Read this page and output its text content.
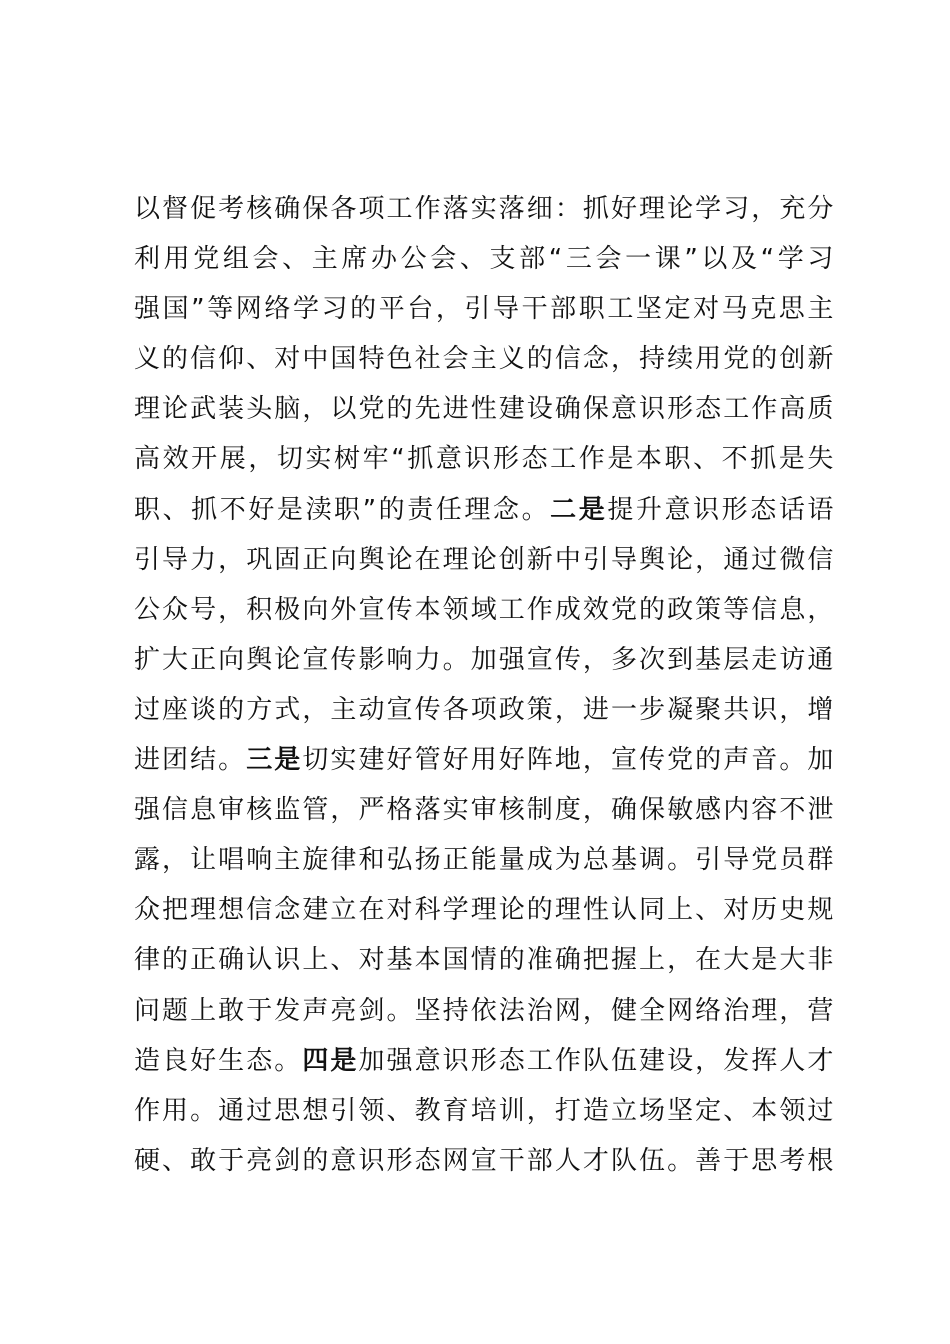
以督促考核确保各项工作落实落细：抓好理论学习，充分
利用党组会、主席办公会、支部“三会一课”以及“学习
强国”等网络学习的平台，引导干部职工坚定对马克思主
义的信仰、对中国特色社会主义的信念，持续用党的创新
理论武装头脑，以党的先进性建设确保意识形态工作高质
高效开展，切实树牢“抓意识形态工作是本职、不抓是失
职、抓不好是渎职”的责任理念。二是提升意识形态话语
引导力，巩固正向舆论在理论创新中引导舆论，通过微信
公众号，积极向外宣传本领域工作成效党的政策等信息，
扩大正向舆论宣传影响力。加强宣传，多次到基层走访通
过座谈的方式，主动宣传各项政策，进一步凝聚共识，增
进团结。三是切实建好管好用好阵地，宣传党的声音。加
强信息审核监管，严格落实审核制度，确保敏感内容不泄
露，让唱响主旋律和弘扬正能量成为总基调。引导党员群
众把理想信念建立在对科学理论的理性认同上、对历史规
律的正确认识上、对基本国情的准确把握上，在大是大非
问题上敢于发声亮剑。坚持依法治网，健全网络治理，营
造良好生态。四是加强意识形态工作队伍建设，发挥人才
作用。通过思想引领、教育培训，打造立场坚定、本领过
硬、敢于亮剑的意识形态网宣干部人才队伍。善于思考根
